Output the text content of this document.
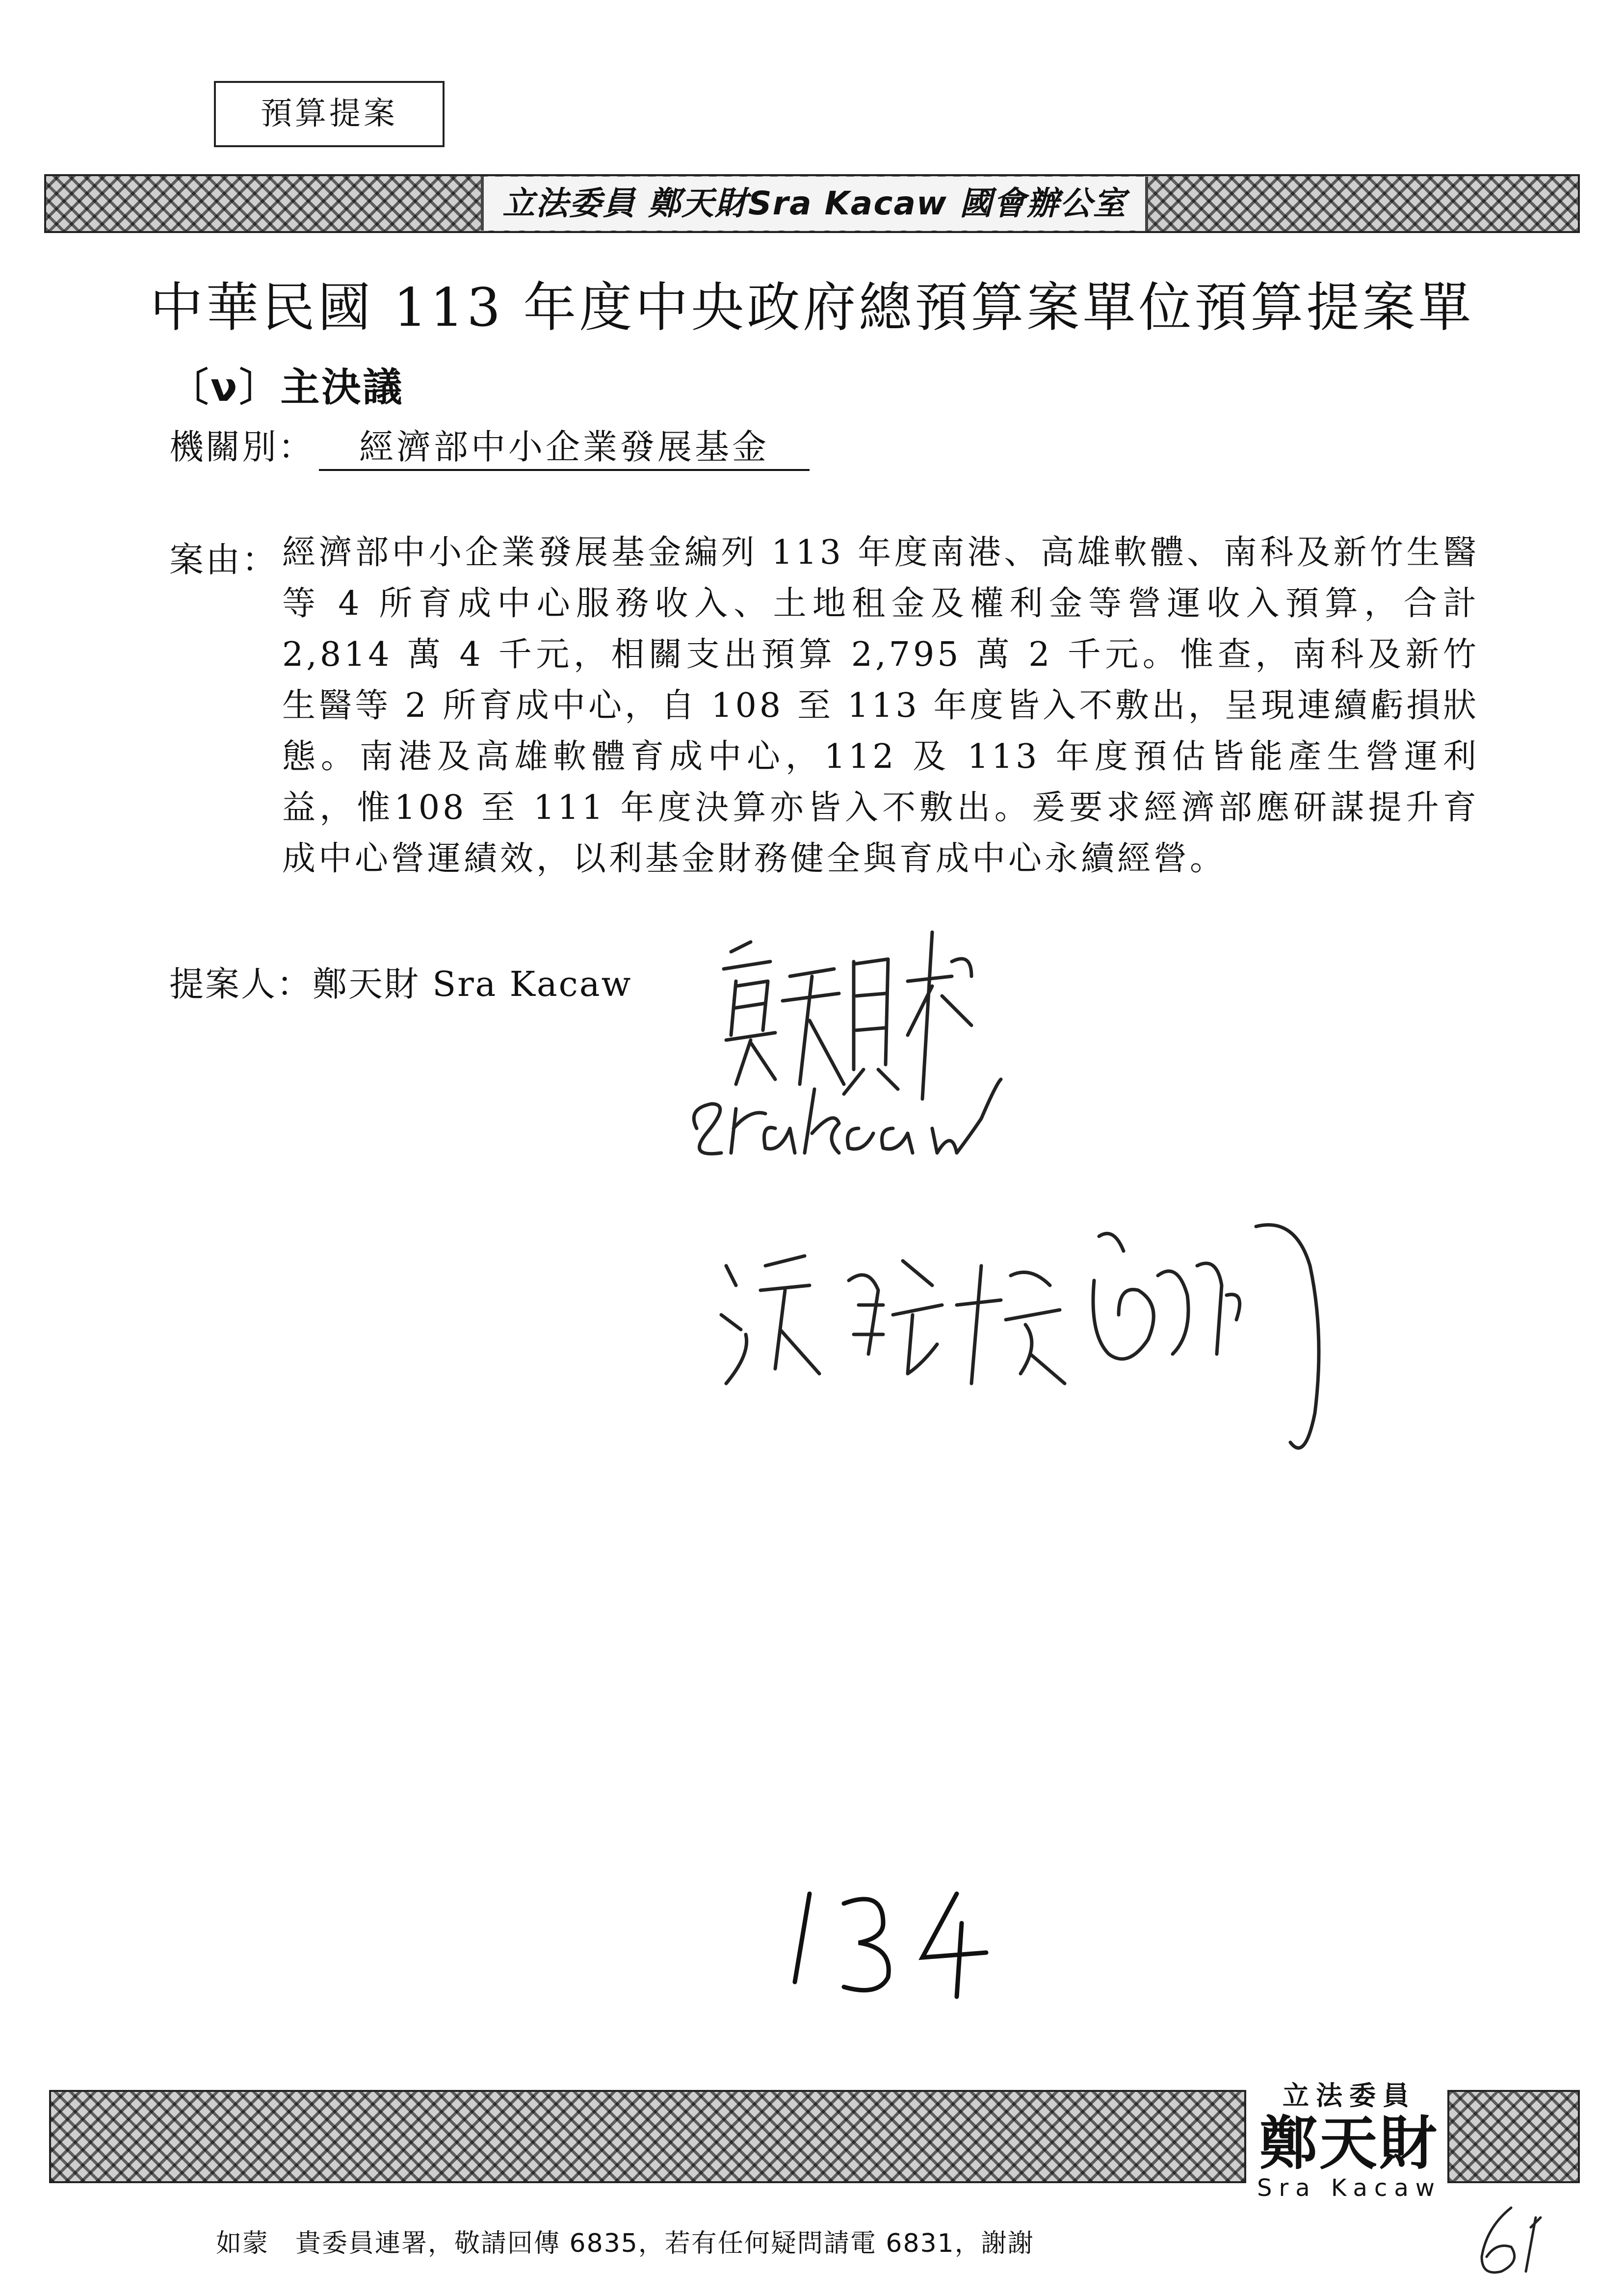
預算提案
立法委員 鄭天財Sra Kacaw 國會辦公室
中華民國 113 年度中央政府總預算案單位預算提案單
〔ν〕主決議
機關別：	經濟部中小企業發展基金
案由： 經濟部中小企業發展基金編列 113 年度南港、高雄軟體、南科及新竹生醫等 4 所育成中心服務收入、土地租金及權利金等營運收入預算，合計2,814 萬 4 千元，相關支出預算 2,795 萬 2 千元。惟查，南科及新竹生醫等 2 所育成中心，自 108 至 113 年度皆入不敷出，呈現連續虧損狀態。南港及高雄軟體育成中心，112 及 113 年度預估皆能產生營運利益，惟108 至 111 年度決算亦皆入不敷出。爰要求經濟部應研謀提升育成中心營運績效，以利基金財務健全與育成中心永續經營。
提案人：鄭天財 Sra Kacaw
立法委員
鄭天財
Sra Kacaw
如蒙　貴委員連署，敬請回傳 6835，若有任何疑問請電 6831，謝謝
